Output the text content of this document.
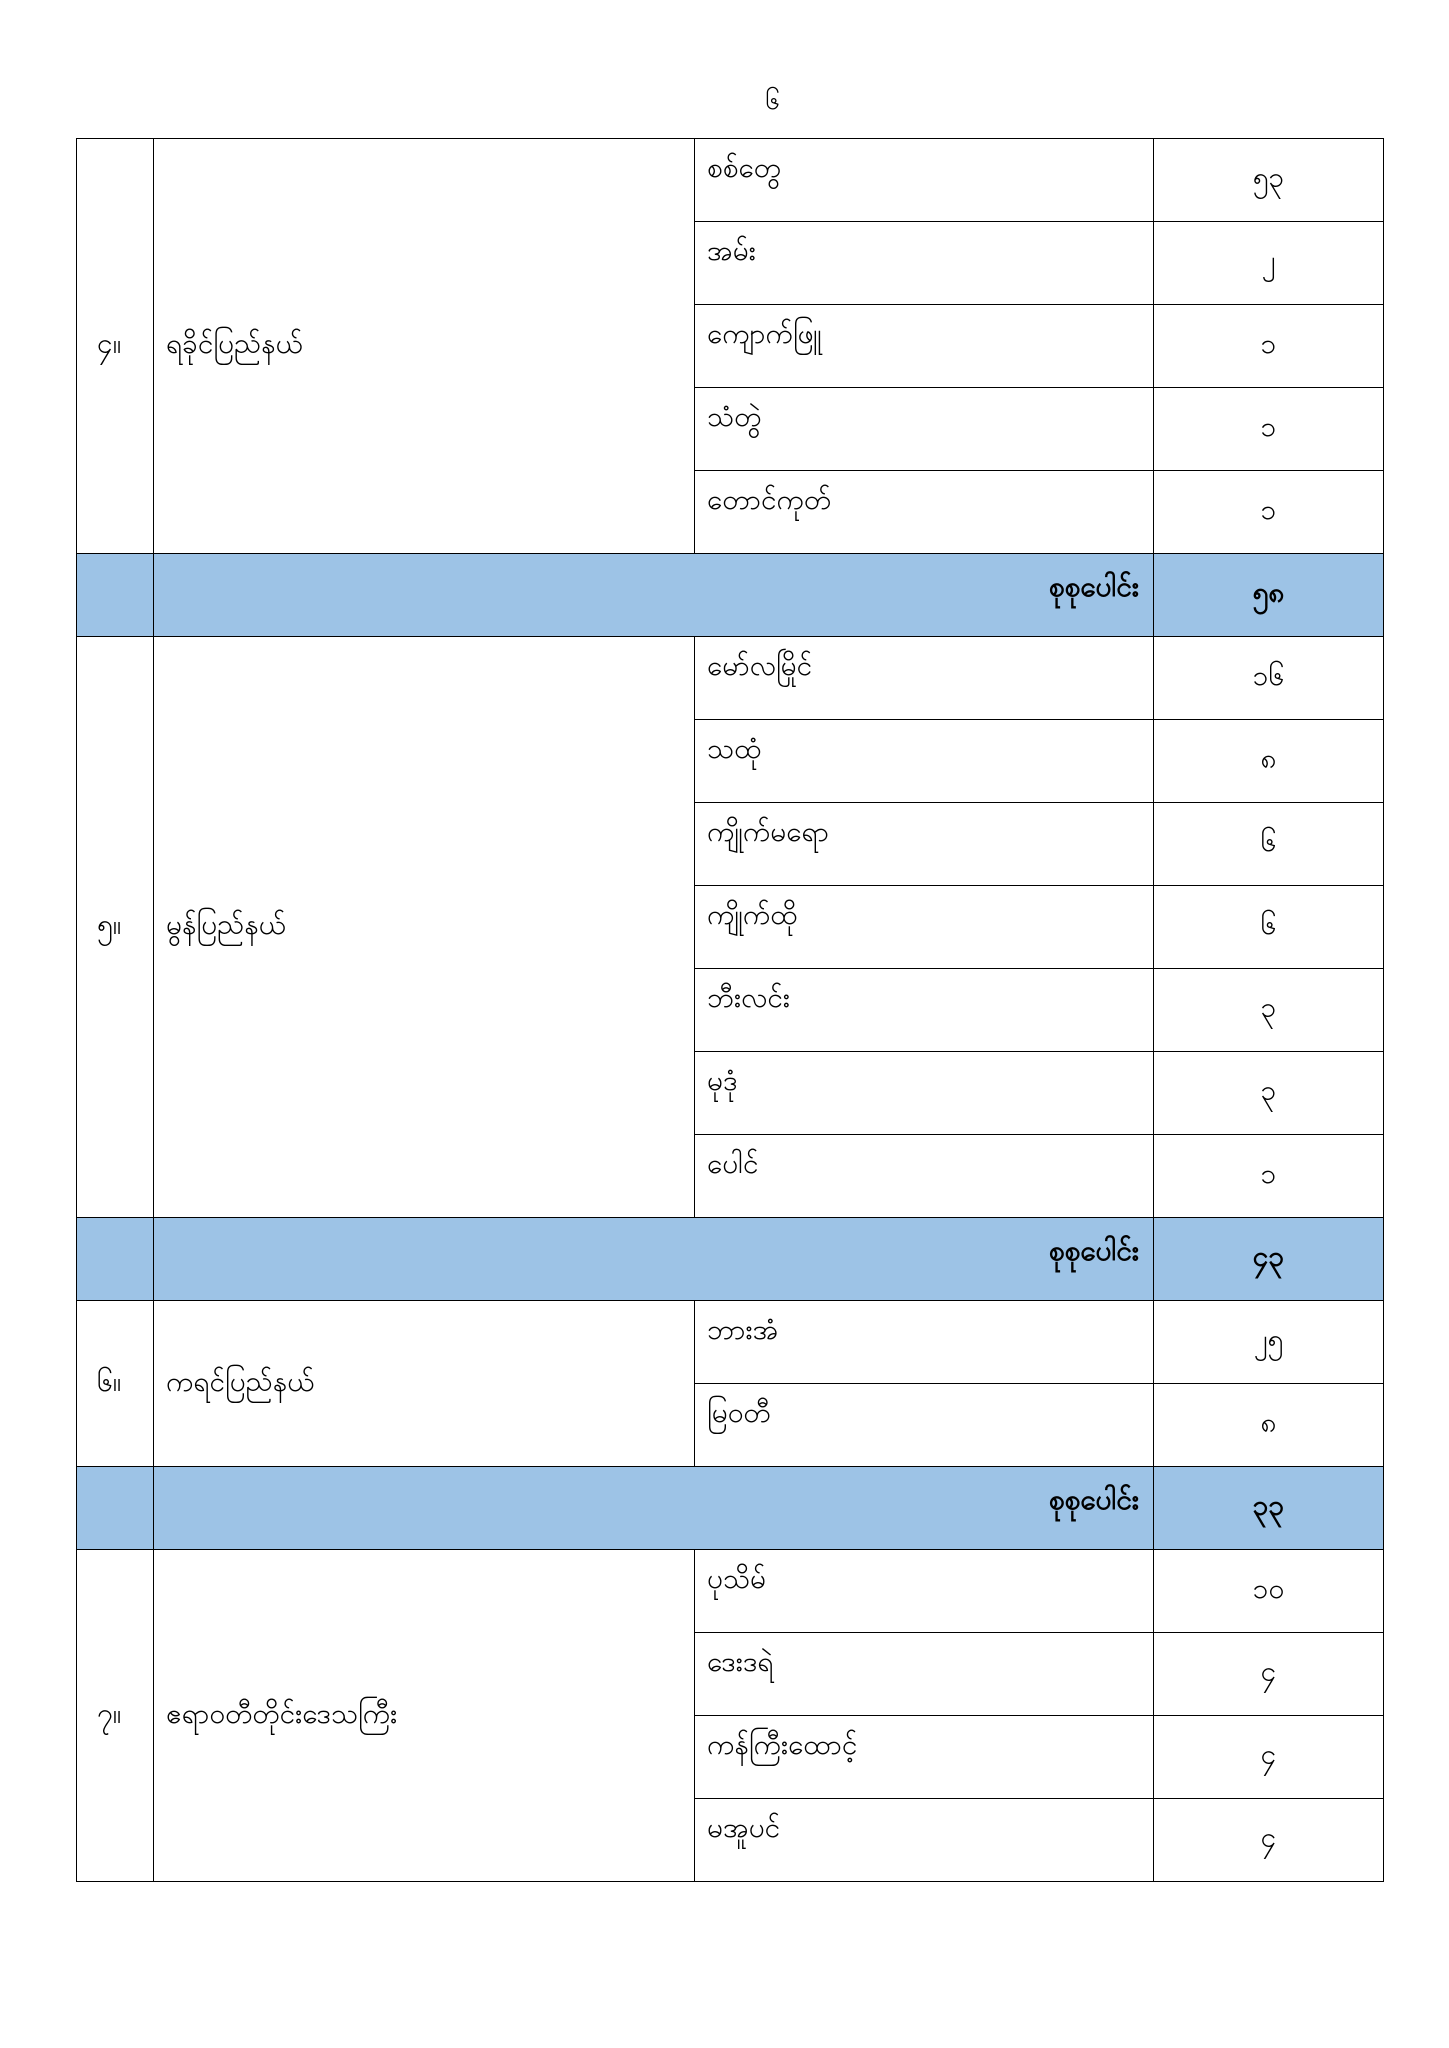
၆
၄။	ရခိုင်ပြည်နယ်	စစ်တွေ	၅၃
		အမ်း	၂
		ကျောက်ဖြူ	၁
		သံတွဲ	၁
		တောင်ကုတ်	၁
	စုစုပေါင်း		၅၈
၅။	မွန်ပြည်နယ်	မော်လမြိုင်	၁၆
		သထုံ	၈
		ကျိုက်မရော	၆
		ကျိုက်ထို	၆
		ဘီးလင်း	၃
		မုဒုံ	၃
		ပေါင်	၁
	စုစုပေါင်း		၄၃
၆။	ကရင်ပြည်နယ်	ဘားအံ	၂၅
		မြဝတီ	၈
	စုစုပေါင်း		၃၃
၇။	ဧရာဝတီတိုင်းဒေသကြီး	ပုသိမ်	၁၀
		ဒေးဒရဲ	၄
		ကန်ကြီးထောင့်	၄
		မအူပင်	၄
